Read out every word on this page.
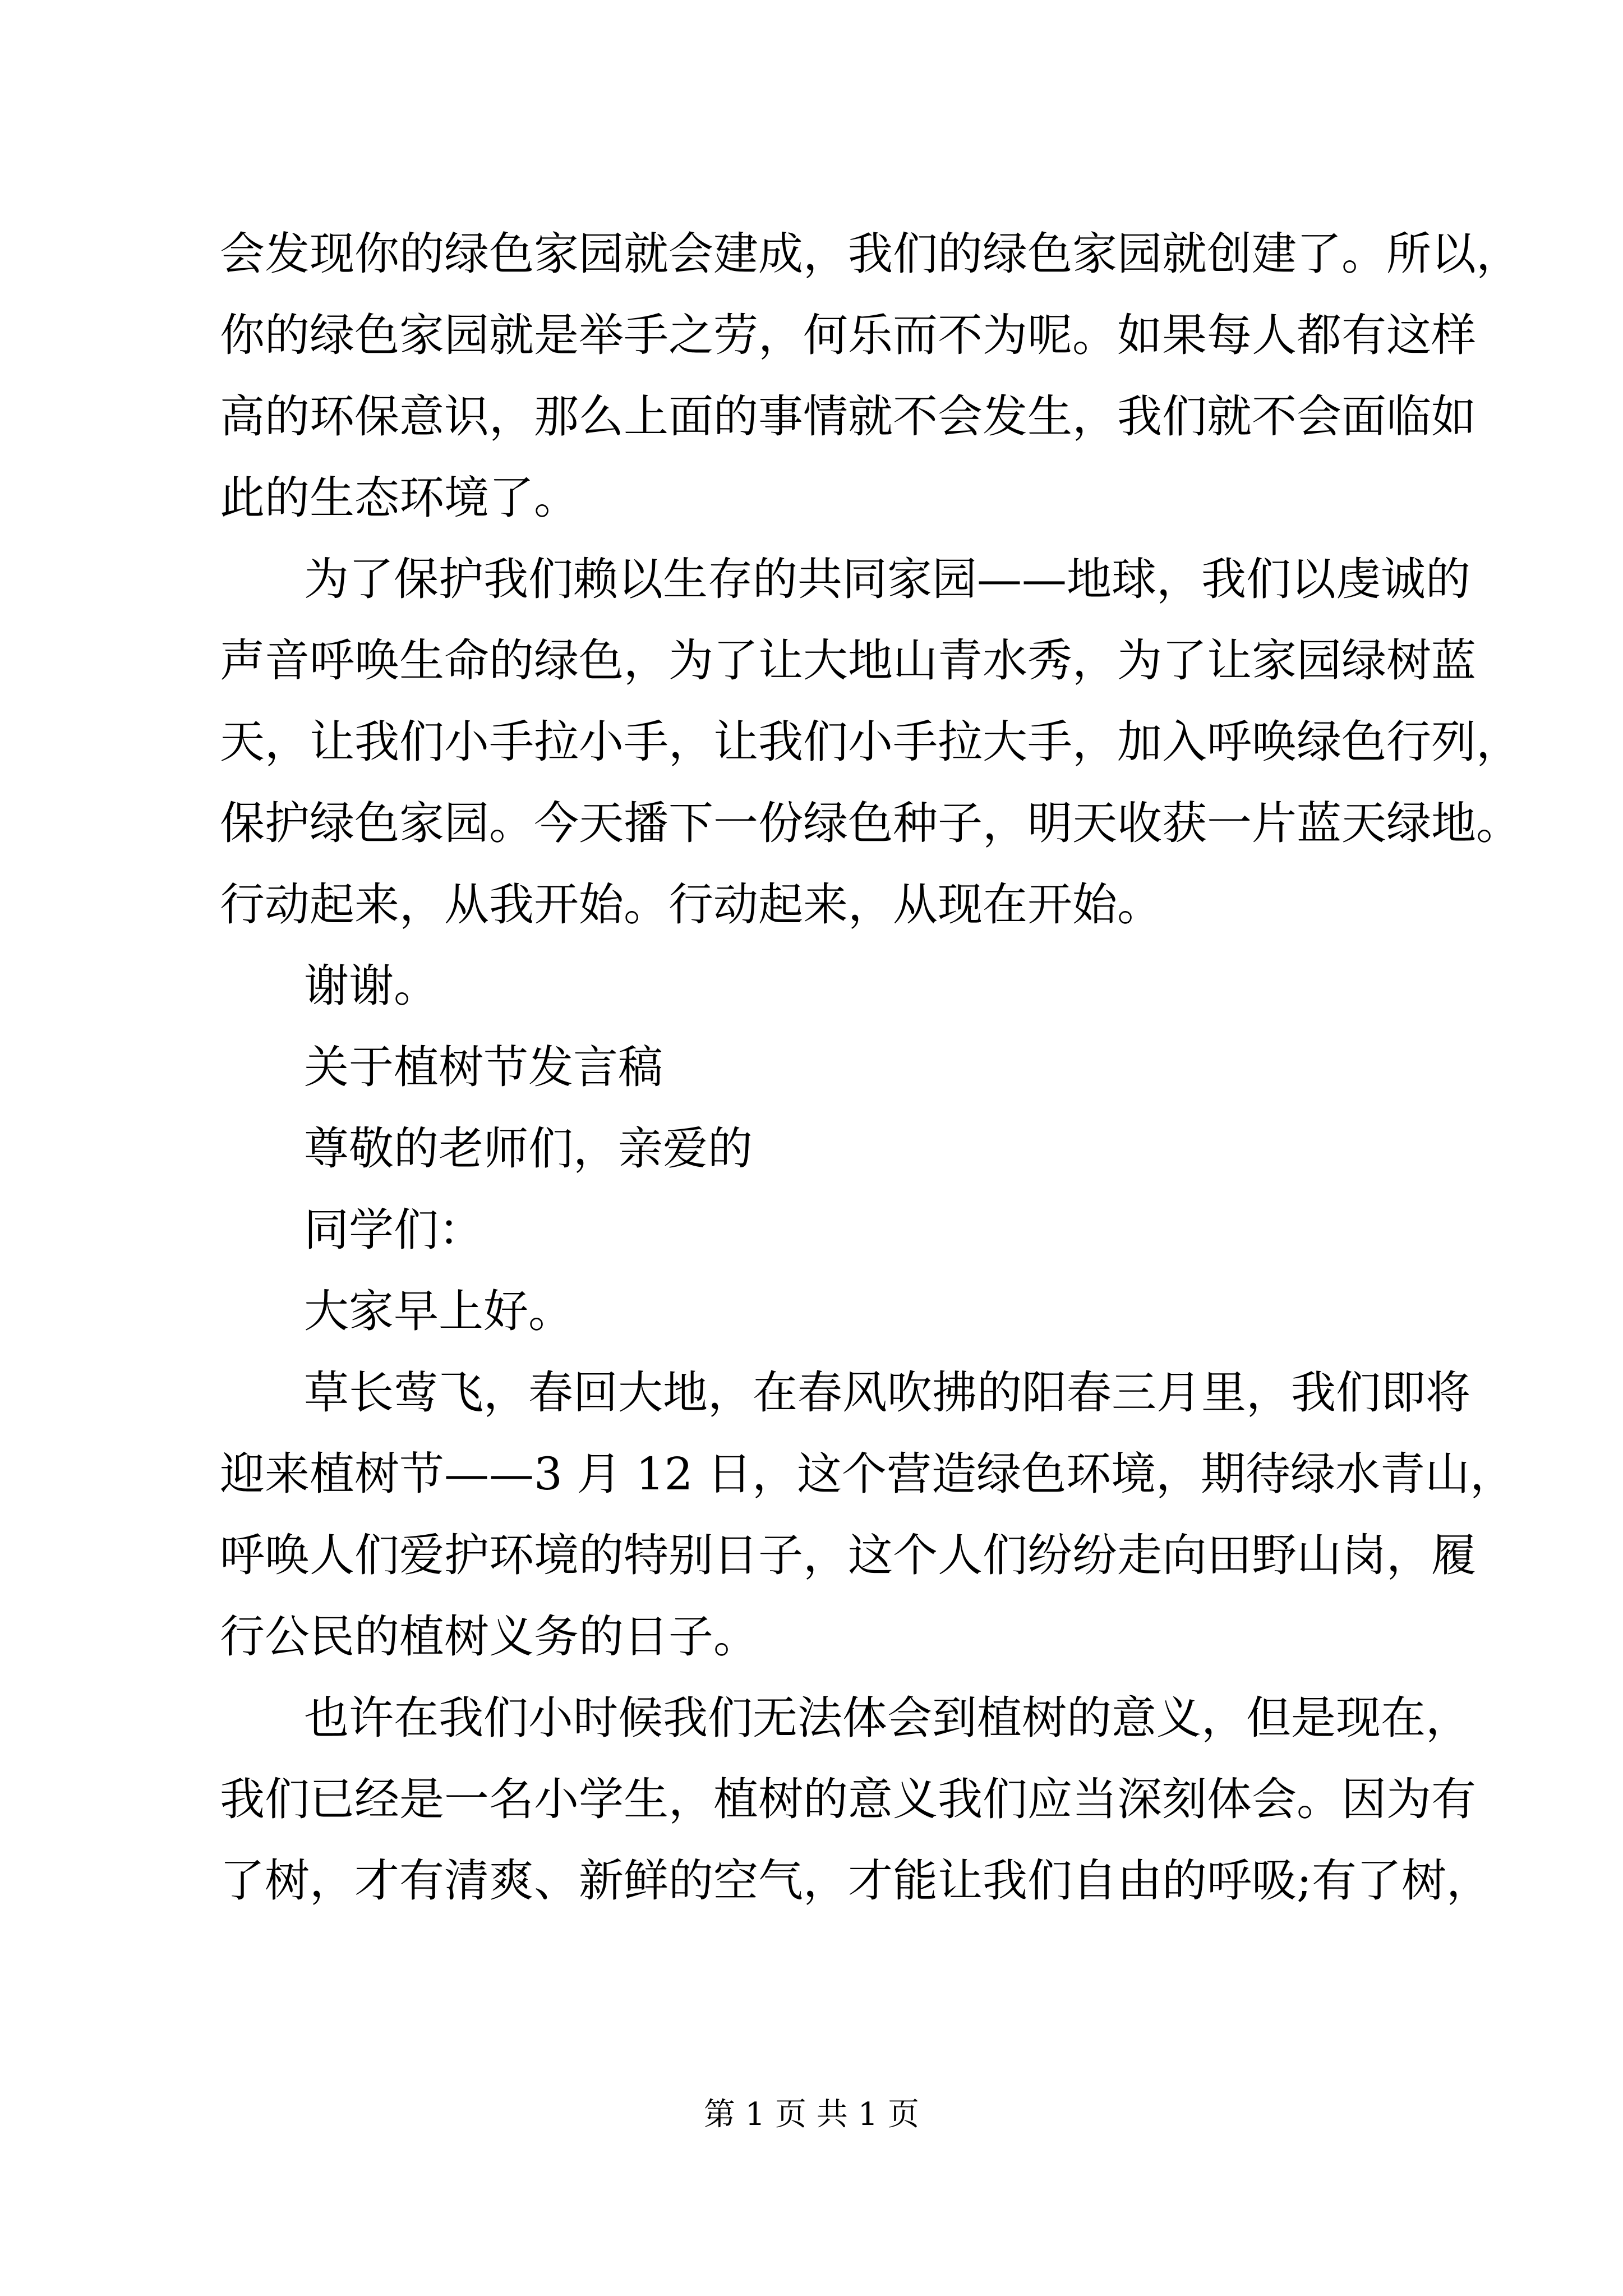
会发现你的绿色家园就会建成，我们的绿色家园就创建了。所以，
你的绿色家园就是举手之劳，何乐而不为呢。如果每人都有这样
高的环保意识，那么上面的事情就不会发生，我们就不会面临如
此的生态环境了。
为了保护我们赖以生存的共同家园——地球，我们以虔诚的
声音呼唤生命的绿色，为了让大地山青水秀，为了让家园绿树蓝
天，让我们小手拉小手，让我们小手拉大手，加入呼唤绿色行列，
保护绿色家园。今天播下一份绿色种子，明天收获一片蓝天绿地。
行动起来，从我开始。行动起来，从现在开始。
谢谢。
关于植树节发言稿
尊敬的老师们，亲爱的
同学们：
大家早上好。
草长莺飞，春回大地，在春风吹拂的阳春三月里，我们即将
迎来植树节——3 月 12 日，这个营造绿色环境，期待绿水青山，
呼唤人们爱护环境的特别日子，这个人们纷纷走向田野山岗，履
行公民的植树义务的日子。
也许在我们小时候我们无法体会到植树的意义，但是现在，
我们已经是一名小学生，植树的意义我们应当深刻体会。因为有
了树，才有清爽、新鲜的空气，才能让我们自由的呼吸;有了树，
第 1 页 共 1 页
